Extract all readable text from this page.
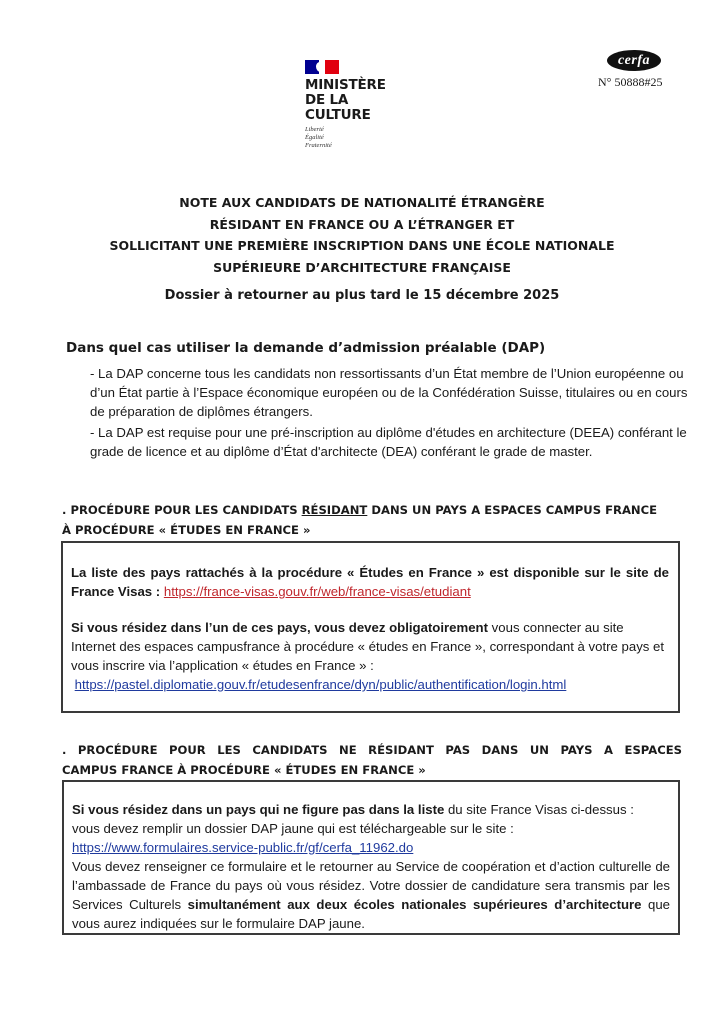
MINISTÈRE
DE LA CULTURE
Liberté
Égalité
Fraternité
cerfa
N° 50888#25
NOTE AUX CANDIDATS DE NATIONALITÉ ÉTRANGÈRE
RÉSIDANT EN FRANCE OU A L’ÉTRANGER ET
SOLLICITANT UNE PREMIÈRE INSCRIPTION DANS UNE ÉCOLE NATIONALE
SUPÉRIEURE D’ARCHITECTURE FRANÇAISE
Dossier à retourner au plus tard le 15 décembre 2025
Dans quel cas utiliser la demande d’admission préalable (DAP)
- La DAP concerne tous les candidats non ressortissants d’un État membre de l’Union européenne ou d’un État partie à l’Espace économique européen ou de la Confédération Suisse, titulaires ou en cours de préparation de diplômes étrangers.
- La DAP est requise pour une pré-inscription au diplôme d'études en architecture (DEEA) conférant le grade de licence et au diplôme d’État d'architecte (DEA) conférant le grade de master.
. PROCÉDURE POUR LES CANDIDATS RÉSIDANT DANS UN PAYS A ESPACES CAMPUS FRANCE
À PROCÉDURE « ÉTUDES EN FRANCE »
La liste des pays rattachés à la procédure « Études en France » est disponible sur le site de France Visas : https://france-visas.gouv.fr/web/france-visas/etudiant
Si vous résidez dans l’un de ces pays, vous devez obligatoirement vous connecter au site Internet des espaces campusfrance à procédure « études en France », correspondant à votre pays et vous inscrire via l’application « études en France » :
https://pastel.diplomatie.gouv.fr/etudesenfrance/dyn/public/authentification/login.html
. PROCÉDURE POUR LES CANDIDATS NE RÉSIDANT PAS DANS UN PAYS A ESPACES
CAMPUS FRANCE À PROCÉDURE « ÉTUDES EN FRANCE »
Si vous résidez dans un pays qui ne figure pas dans la liste du site France Visas ci-dessus :
vous devez remplir un dossier DAP jaune qui est téléchargeable sur le site :
https://www.formulaires.service-public.fr/gf/cerfa_11962.do
Vous devez renseigner ce formulaire et le retourner au Service de coopération et d’action culturelle de l’ambassade de France du pays où vous résidez. Votre dossier de candidature sera transmis par les Services Culturels simultanément aux deux écoles nationales supérieures d’architecture que vous aurez indiquées sur le formulaire DAP jaune.
